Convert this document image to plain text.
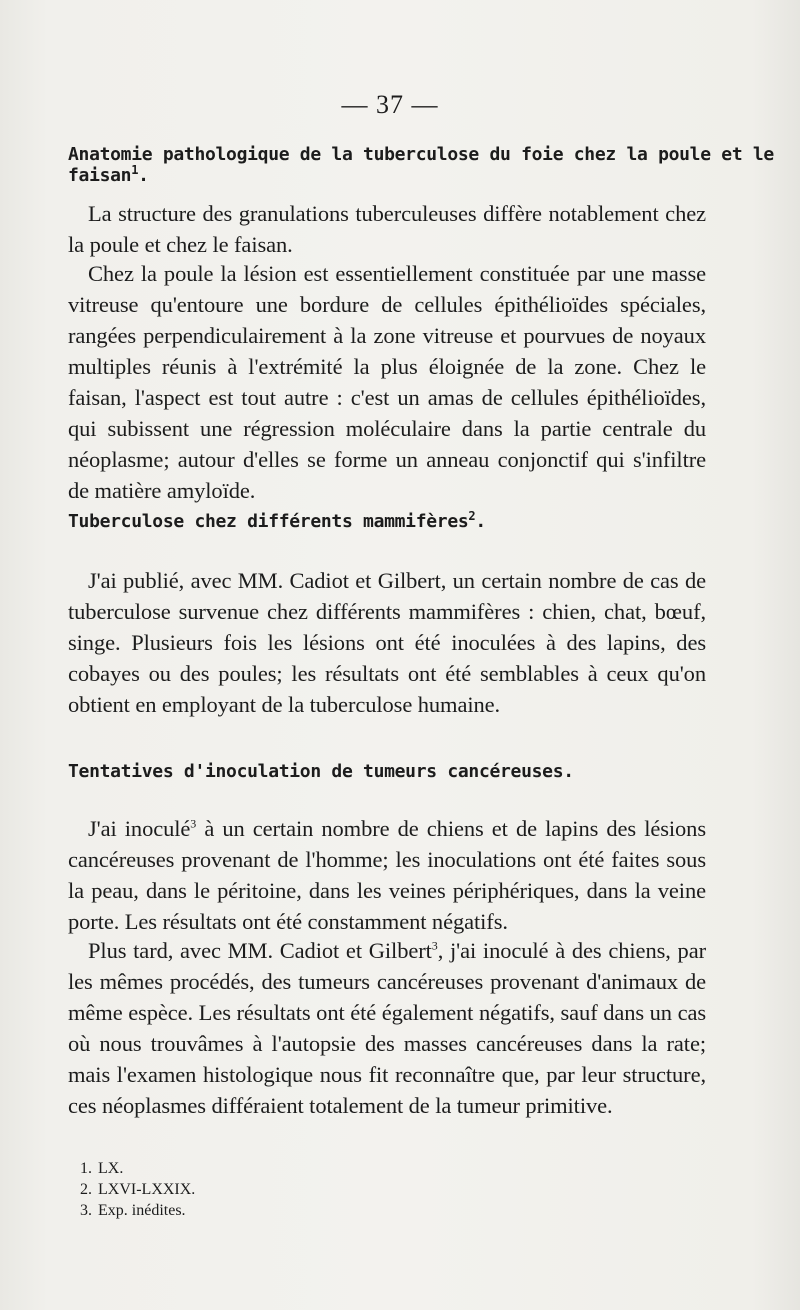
— 37 —
Anatomie pathologique de la tuberculose du foie chez la poule et le faisan$^1$.

La structure des granulations tuberculeuses diffère notablement chez la poule et chez le faisan.

Chez la poule la lésion est essentiellement constituée par une masse vitreuse qu'entoure une bordure de cellules épithélioïdes spéciales, rangées perpendiculairement à la zone vitreuse et pourvues de noyaux multiples réunis à l'extrémité la plus éloignée de la zone. Chez le faisan, l'aspect est tout autre : c'est un amas de cellules épithélioïdes, qui subissent une régression moléculaire dans la partie centrale du néoplasme; autour d'elles se forme un anneau conjonctif qui s'infiltre de matière amyloïde.

Tuberculose chez différents mammifères$^2$.

J'ai publié, avec MM. Cadiot et Gilbert, un certain nombre de cas de tuberculose survenue chez différents mammifères : chien, chat, bœuf, singe. Plusieurs fois les lésions ont été inoculées à des lapins, des cobayes ou des poules; les résultats ont été semblables à ceux qu'on obtient en employant de la tuberculose humaine.

Tentatives d'inoculation de tumeurs cancéreuses.

J'ai inoculé$^3$ à un certain nombre de chiens et de lapins des lésions cancéreuses provenant de l'homme; les inoculations ont été faites sous la peau, dans le péritoine, dans les veines périphériques, dans la veine porte. Les résultats ont été constamment négatifs.

Plus tard, avec MM. Cadiot et Gilbert$^3$, j'ai inoculé à des chiens, par les mêmes procédés, des tumeurs cancéreuses provenant d'animaux de même espèce. Les résultats ont été également négatifs, sauf dans un cas où nous trouvâmes à l'autopsie des masses cancéreuses dans la rate; mais l'examen histologique nous fit reconnaître que, par leur structure, ces néoplasmes différaient totalement de la tumeur primitive.

1. LX.
2. LXVI-LXXIX.
3. Exp. inédites.
